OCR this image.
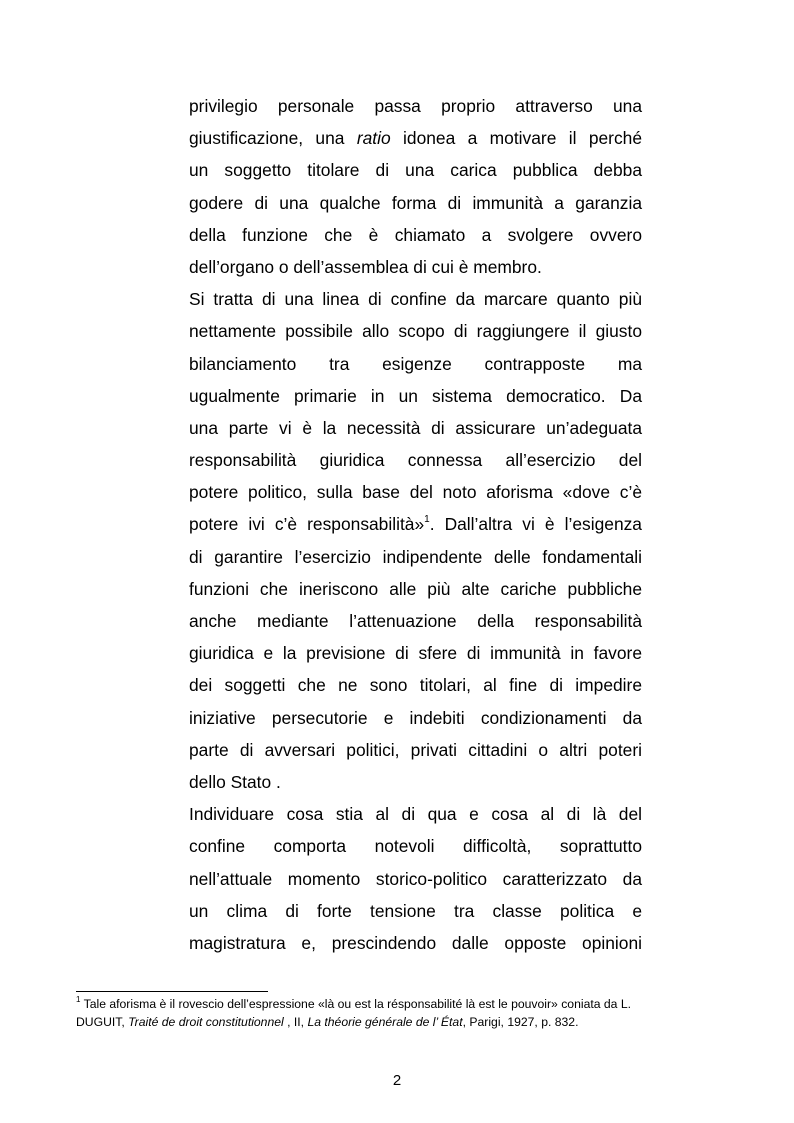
privilegio personale passa proprio attraverso una
giustificazione, una ratio idonea a motivare il perché
un soggetto titolare di una carica pubblica debba
godere di una qualche forma di immunità a garanzia
della funzione che è chiamato a svolgere ovvero
dell’organo o dell’assemblea di cui è membro.
Si tratta di una linea di confine da marcare quanto più
nettamente possibile allo scopo di raggiungere il giusto
bilanciamento tra esigenze contrapposte ma
ugualmente primarie in un sistema democratico. Da
una parte vi è la necessità di assicurare un’adeguata
responsabilità giuridica connessa all’esercizio del
potere politico, sulla base del noto aforisma «dove c’è
potere ivi c’è responsabilità»$^1$. Dall’altra vi è l’esigenza
di garantire l’esercizio indipendente delle fondamentali
funzioni che ineriscono alle più alte cariche pubbliche
anche mediante l’attenuazione della responsabilità
giuridica e la previsione di sfere di immunità in favore
dei soggetti che ne sono titolari, al fine di impedire
iniziative persecutorie e indebiti condizionamenti da
parte di avversari politici, privati cittadini o altri poteri
dello Stato .
Individuare cosa stia al di qua e cosa al di là del
confine comporta notevoli difficoltà, soprattutto
nell’attuale momento storico-politico caratterizzato da
un clima di forte tensione tra classe politica e
magistratura e, prescindendo dalle opposte opinioni
$^1$ Tale aforisma è il rovescio dell’espressione «là ou est la résponsabilité là est le pouvoir» coniata da L.
DUGUIT, Traité de droit constitutionnel , II, La théorie générale de l’ État, Parigi, 1927, p. 832.
2
